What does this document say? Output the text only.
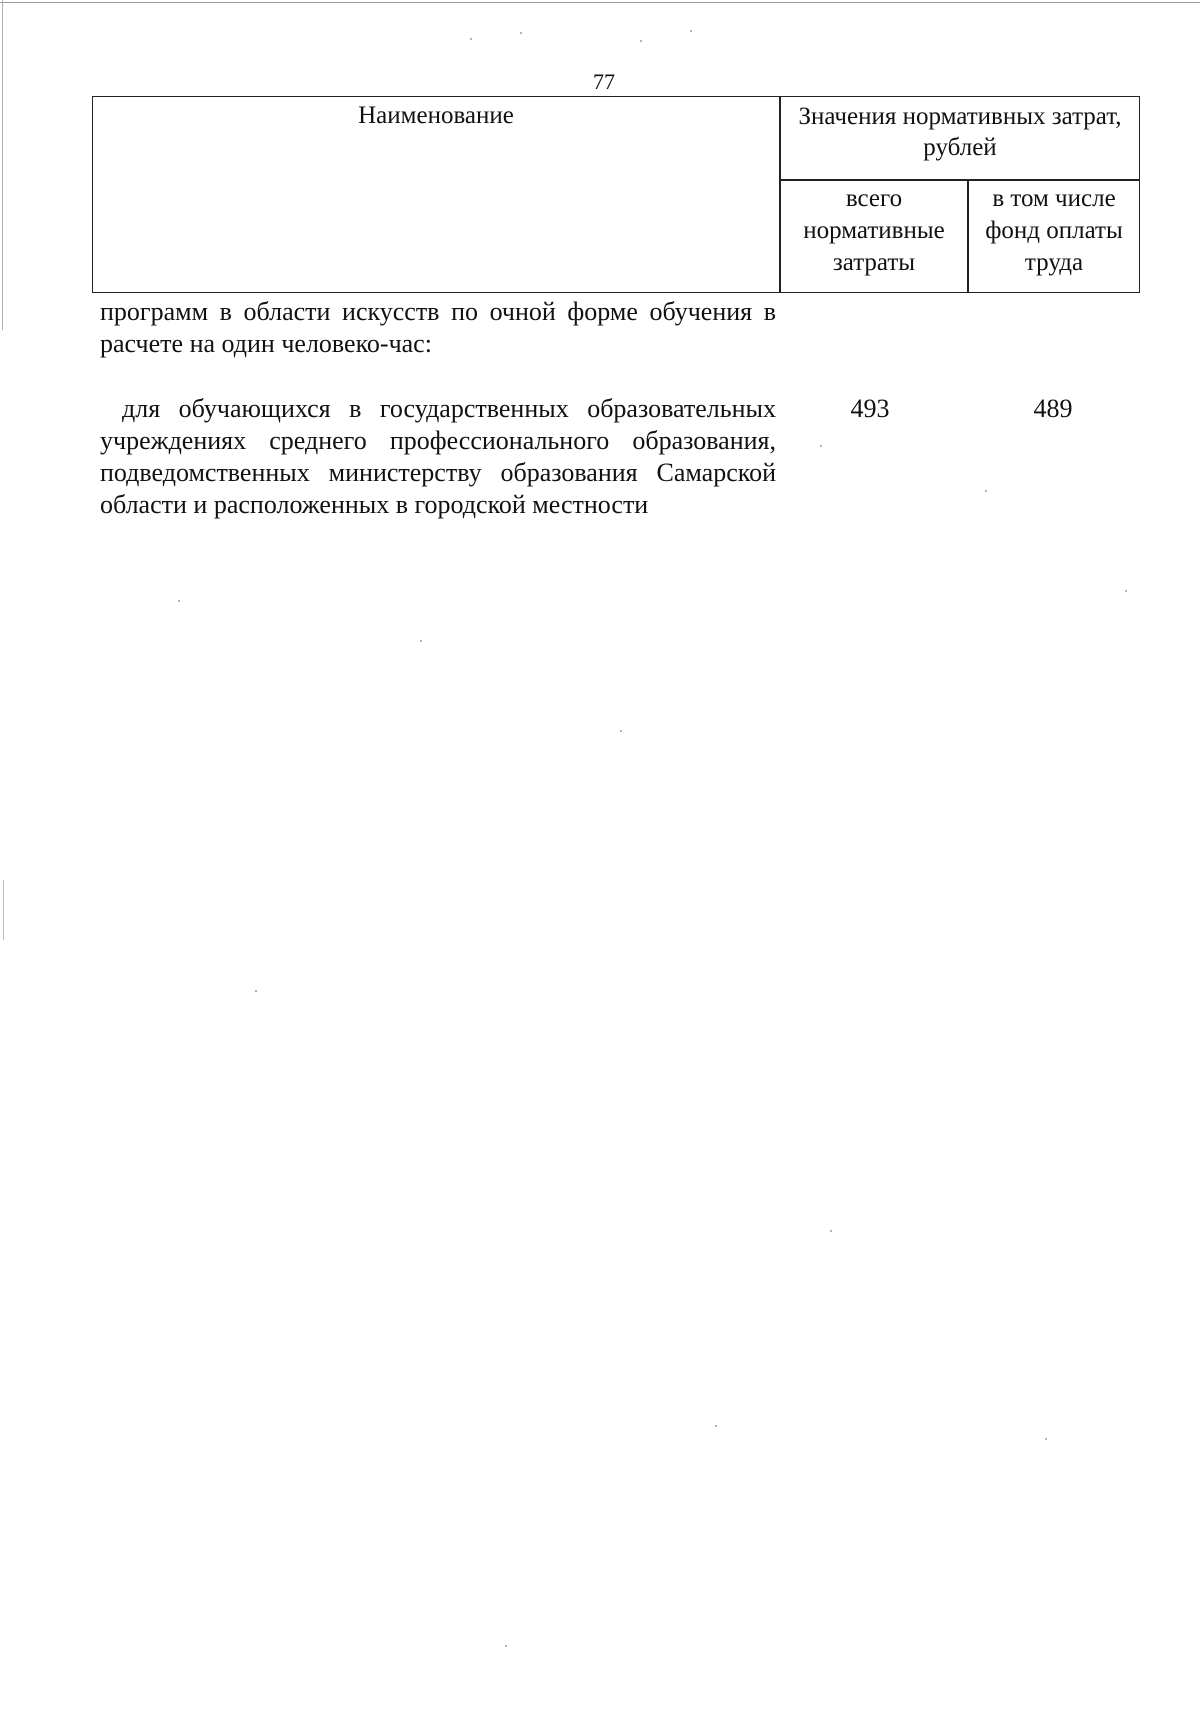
77
Наименование	Значения нормативных затрат, рублей
всего нормативные затраты
в том числе фонд оплаты труда
программ в области искусств по очной форме обучения в расчете на один человеко-час:
для обучающихся в государственных образовательных учреждениях среднего профессионального образования, подведомственных министерству образования Самарской области и расположенных в городской местности
493	489
